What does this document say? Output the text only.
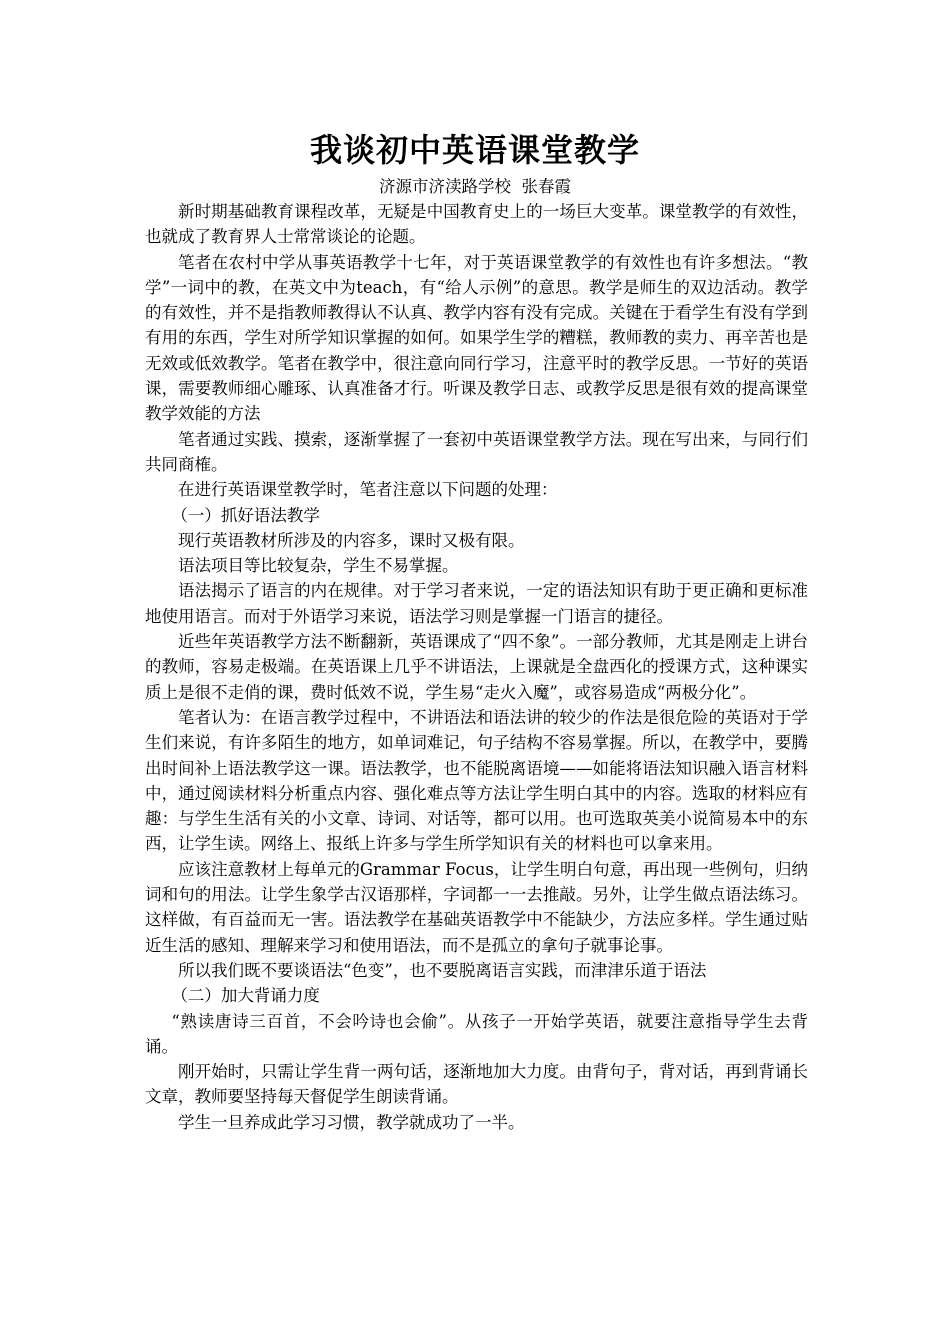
我谈初中英语课堂教学
济源市济渎路学校  张春霞

新时期基础教育课程改革，无疑是中国教育史上的一场巨大变革。课堂教学的有效性，也就成了教育界人士常常谈论的论题。

笔者在农村中学从事英语教学十七年，对于英语课堂教学的有效性也有许多想法。“教学”一词中的教，在英文中为teach，有“给人示例”的意思。教学是师生的双边活动。教学的有效性，并不是指教师教得认不认真、教学内容有没有完成。关键在于看学生有没有学到有用的东西，学生对所学知识掌握的如何。如果学生学的糟糕，教师教的卖力、再辛苦也是无效或低效教学。笔者在教学中，很注意向同行学习，注意平时的教学反思。一节好的英语课，需要教师细心雕琢、认真准备才行。听课及教学日志、或教学反思是很有效的提高课堂教学效能的方法

笔者通过实践、摸索，逐渐掌握了一套初中英语课堂教学方法。现在写出来，与同行们共同商榷。

在进行英语课堂教学时，笔者注意以下问题的处理：

（一）抓好语法教学

现行英语教材所涉及的内容多，课时又极有限。

语法项目等比较复杂，学生不易掌握。

语法揭示了语言的内在规律。对于学习者来说，一定的语法知识有助于更正确和更标准地使用语言。而对于外语学习来说，语法学习则是掌握一门语言的捷径。

近些年英语教学方法不断翻新，英语课成了“四不象”。一部分教师，尤其是刚走上讲台的教师，容易走极端。在英语课上几乎不讲语法，上课就是全盘西化的授课方式，这种课实质上是很不走俏的课，费时低效不说，学生易“走火入魔”，或容易造成“两极分化”。

笔者认为：在语言教学过程中，不讲语法和语法讲的较少的作法是很危险的英语对于学生们来说，有许多陌生的地方，如单词难记，句子结构不容易掌握。所以，在教学中，要腾出时间补上语法教学这一课。语法教学，也不能脱离语境——如能将语法知识融入语言材料中，通过阅读材料分析重点内容、强化难点等方法让学生明白其中的内容。选取的材料应有趣：与学生生活有关的小文章、诗词、对话等，都可以用。也可选取英美小说简易本中的东西，让学生读。网络上、报纸上许多与学生所学知识有关的材料也可以拿来用。

应该注意教材上每单元的Grammar Focus，让学生明白句意，再出现一些例句，归纳词和句的用法。让学生象学古汉语那样，字词都一一去推敲。另外，让学生做点语法练习。这样做，有百益而无一害。语法教学在基础英语教学中不能缺少，方法应多样。学生通过贴近生活的感知、理解来学习和使用语法，而不是孤立的拿句子就事论事。

所以我们既不要谈语法“色变”，也不要脱离语言实践，而津津乐道于语法

（二）加大背诵力度

“熟读唐诗三百首，不会吟诗也会偷”。从孩子一开始学英语，就要注意指导学生去背诵。

刚开始时，只需让学生背一两句话，逐渐地加大力度。由背句子，背对话，再到背诵长文章，教师要坚持每天督促学生朗读背诵。

学生一旦养成此学习习惯，教学就成功了一半。
